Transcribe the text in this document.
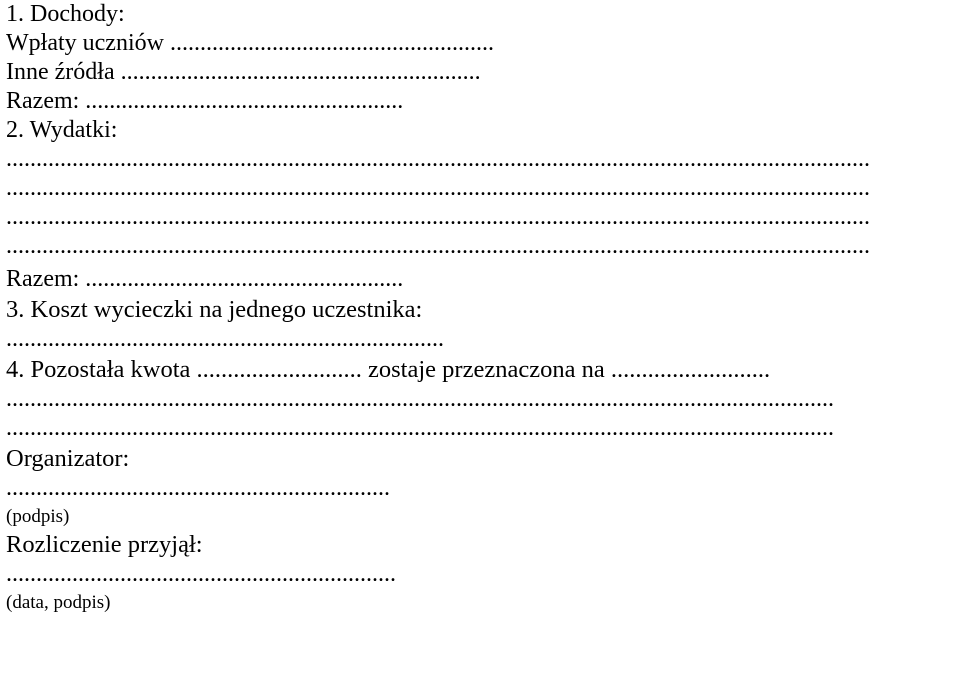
1. Dochody:
Wpłaty uczniów ......................................................
Inne źródła ............................................................
Razem: .....................................................
2. Wydatki:
................................................................................................................................................
................................................................................................................................................
................................................................................................................................................
................................................................................................................................................
Razem: .....................................................
3. Koszt wycieczki na jednego uczestnika:
.........................................................................
4. Pozostała kwota ........................... zostaje przeznaczona na ..........................
..........................................................................................................................................
..........................................................................................................................................
Organizator:
................................................................
(podpis)
Rozliczenie przyjął:
.................................................................
(data, podpis)
